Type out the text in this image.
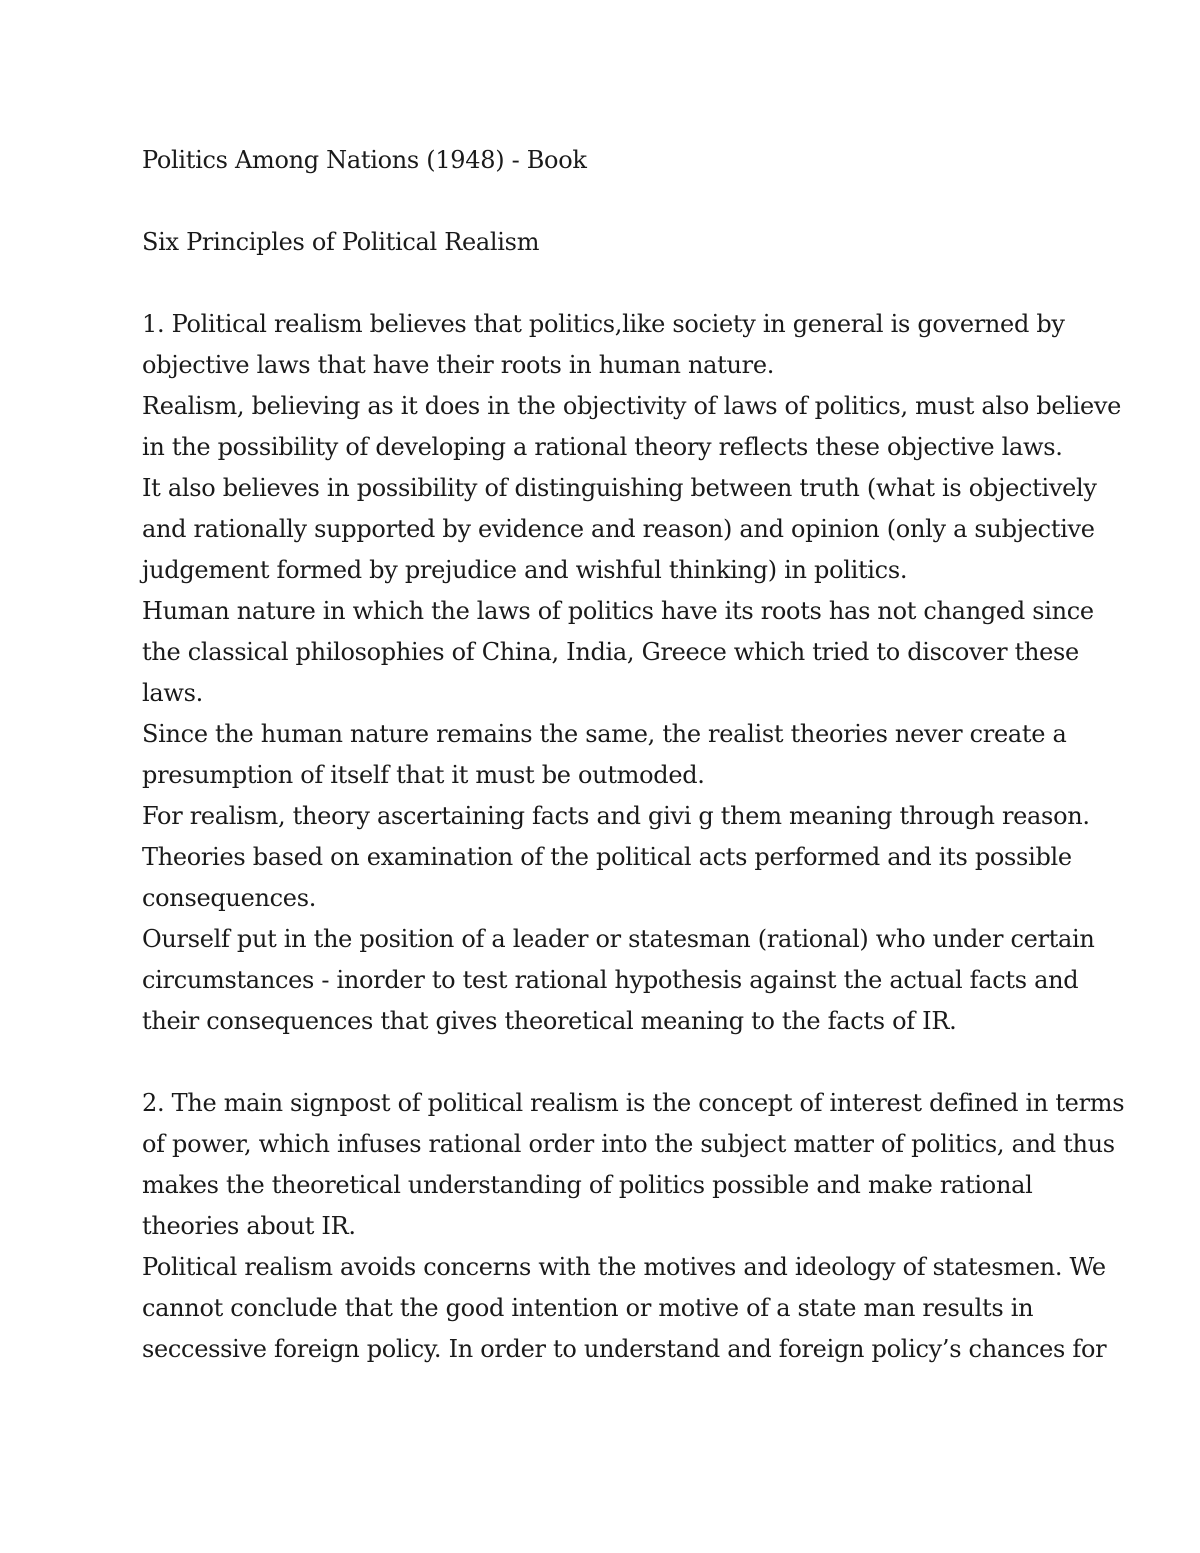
Politics Among Nations (1948) - Book
Six Principles of Political Realism
1. Political realism believes that politics,like society in general is governed by
objective laws that have their roots in human nature.
Realism, believing as it does in the objectivity of laws of politics, must also believe
in the possibility of developing a rational theory reflects these objective laws.
It also believes in possibility of distinguishing between truth (what is objectively
and rationally supported by evidence and reason) and opinion (only a subjective
judgement formed by prejudice and wishful thinking) in politics.
Human nature in which the laws of politics have its roots has not changed since
the classical philosophies of China, India, Greece which tried to discover these
laws.
Since the human nature remains the same, the realist theories never create a
presumption of itself that it must be outmoded.
For realism, theory ascertaining facts and givi g them meaning through reason.
Theories based on examination of the political acts performed and its possible
consequences.
Ourself put in the position of a leader or statesman (rational) who under certain
circumstances - inorder to test rational hypothesis against the actual facts and
their consequences that gives theoretical meaning to the facts of IR.
2. The main signpost of political realism is the concept of interest defined in terms
of power, which infuses rational order into the subject matter of politics, and thus
makes the theoretical understanding of politics possible and make rational
theories about IR.
Political realism avoids concerns with the motives and ideology of statesmen. We
cannot conclude that the good intention or motive of a state man results in
seccessive foreign policy. In order to understand and foreign policy’s chances for
